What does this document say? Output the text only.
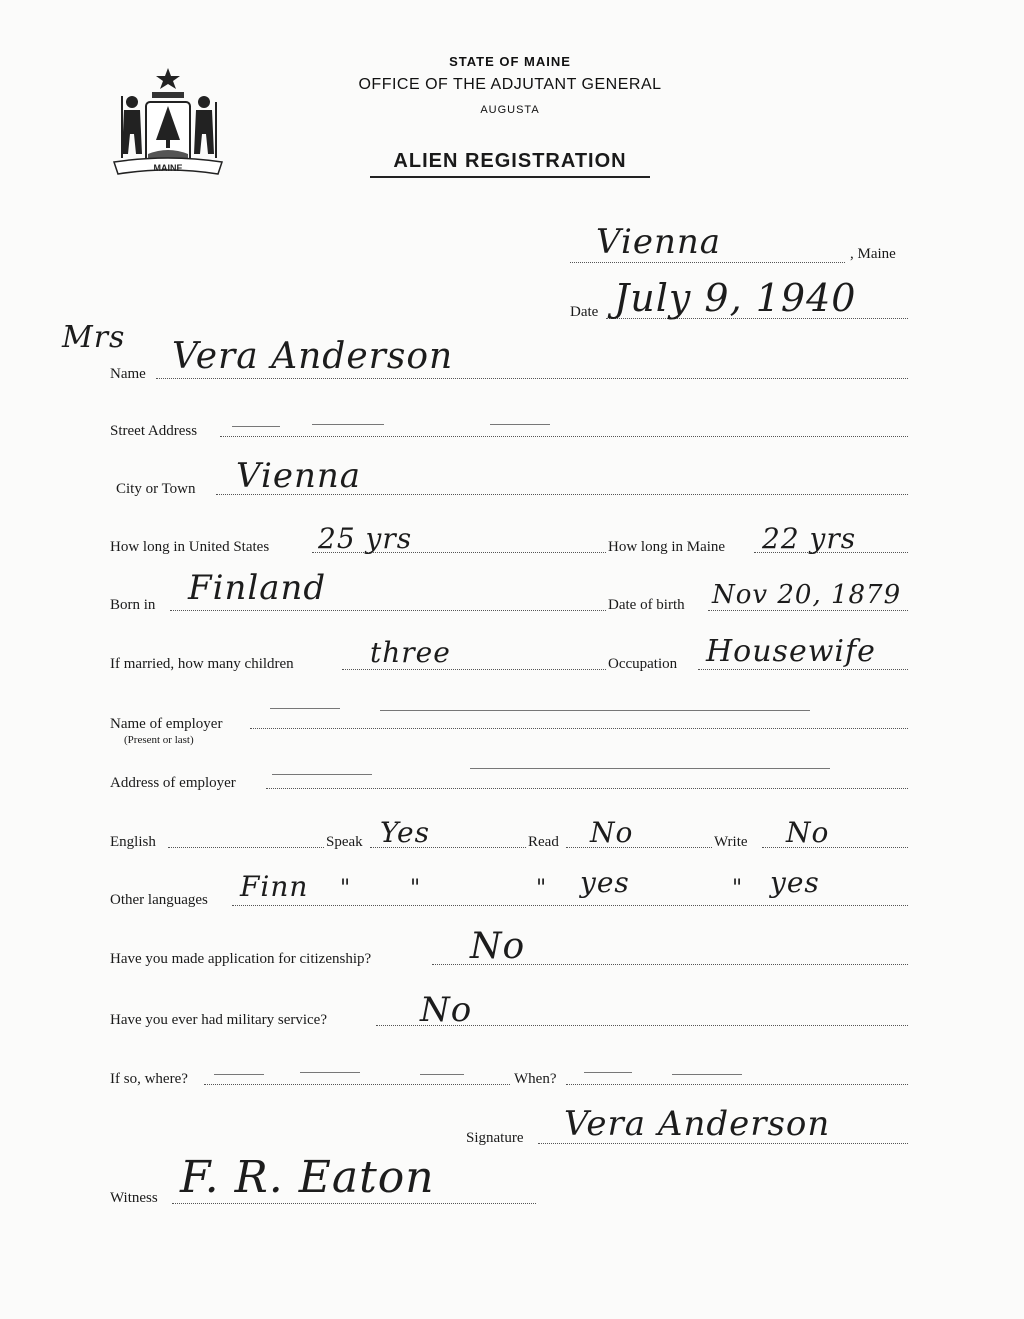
MAINE
STATE OF MAINE
OFFICE OF THE ADJUTANT GENERAL
AUGUSTA
ALIEN REGISTRATION
Vienna	, Maine
Date July 9, 1940
Mrs
Name Vera Anderson
Street Address
City or Town Vienna
How long in United States 25 yrs	How long in Maine 22 yrs
Born in Finland	Date of birth Nov 20, 1879
If married, how many children	three	Occupation Housewife
Name of employer
(Present or last)
Address of employer
English	Speak Yes	Read No	Write No
Other languages Finn "	"	" yes	" yes
Have you made application for citizenship?	No
Have you ever had military service?	No
If so, where?	When?
Signature Vera Anderson
Witness F. R. Eaton
